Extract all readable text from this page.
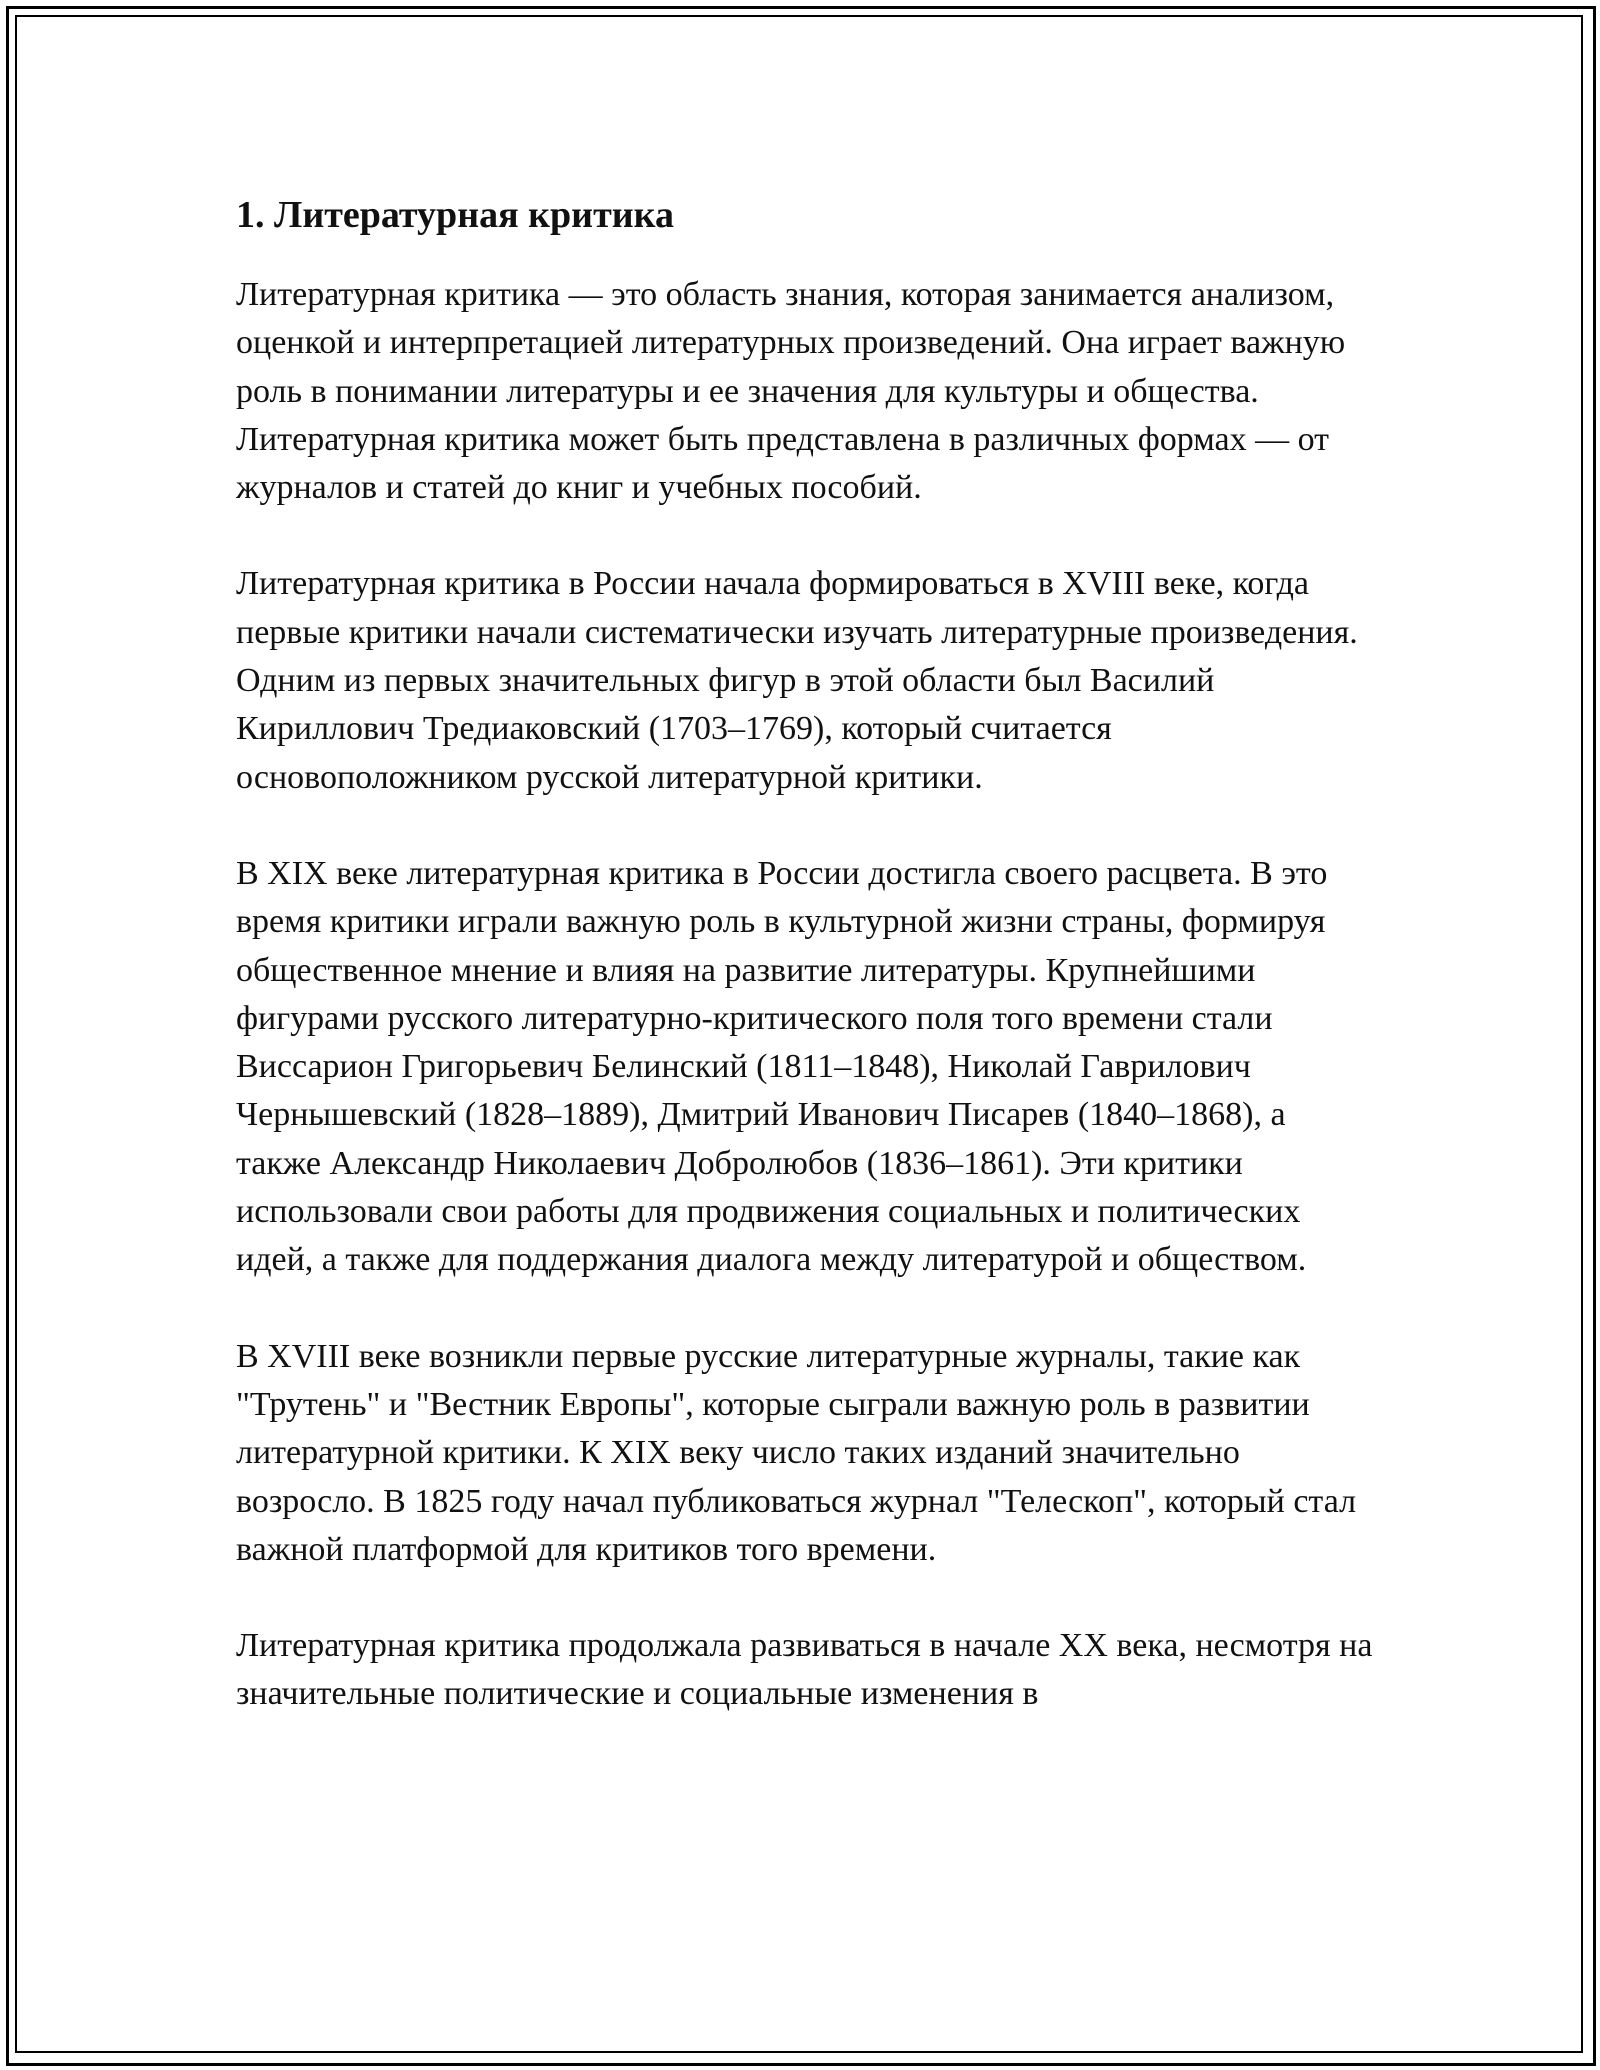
1. Литературная критика

Литературная критика — это область знания, которая занимается анализом, оценкой и интерпретацией литературных произведений. Она играет важную роль в понимании литературы и ее значения для культуры и общества. Литературная критика может быть представлена в различных формах — от журналов и статей до книг и учебных пособий.

Литературная критика в России начала формироваться в XVIII веке, когда первые критики начали систематически изучать литературные произведения. Одним из первых значительных фигур в этой области был Василий Кириллович Тредиаковский (1703–1769), который считается основоположником русской литературной критики.

В XIX веке литературная критика в России достигла своего расцвета. В это время критики играли важную роль в культурной жизни страны, формируя общественное мнение и влияя на развитие литературы. Крупнейшими фигурами русского литературно-критического поля того времени стали Виссарион Григорьевич Белинский (1811–1848), Николай Гаврилович Чернышевский (1828–1889), Дмитрий Иванович Писарев (1840–1868), а также Александр Николаевич Добролюбов (1836–1861). Эти критики использовали свои работы для продвижения социальных и политических идей, а также для поддержания диалога между литературой и обществом.

В XVIII веке возникли первые русские литературные журналы, такие как "Трутень" и "Вестник Европы", которые сыграли важную роль в развитии литературной критики. К XIX веку число таких изданий значительно возросло. В 1825 году начал публиковаться журнал "Телескоп", который стал важной платформой для критиков того времени.

Литературная критика продолжала развиваться в начале XX века, несмотря на значительные политические и социальные изменения в
